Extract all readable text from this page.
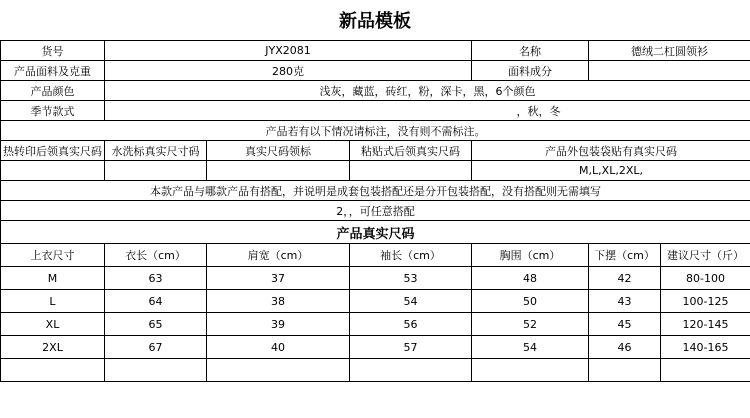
新品模板
货号	JYX2081			名称	德绒二杠圆领衫	
产品面料及克重	280克			面料成分		
产品颜色	浅灰，藏蓝，砖红，粉，深卡，黑，6个颜色					
季节款式	，秋，冬					
产品若有以下情况请标注，没有则不需标注。						
热转印后领真实尺码	水洗标真实尺寸码	真实尺码领标	粘贴式后领真实尺码	产品外包装袋贴有真实尺码		
				M,L,XL,2XL,		
本款产品与哪款产品有搭配，并说明是成套包装搭配还是分开包装搭配，没有搭配则无需填写						
2，，可任意搭配						
产品真实尺码						
上衣尺寸	衣长（cm）	肩宽（cm）	袖长（cm）	胸围（cm）	下摆（cm）	建议尺寸（斤）
M	63	37	53	48	42	80-100
L	64	38	54	50	43	100-125
XL	65	39	56	52	45	120-145
2XL	67	40	57	54	46	140-165
